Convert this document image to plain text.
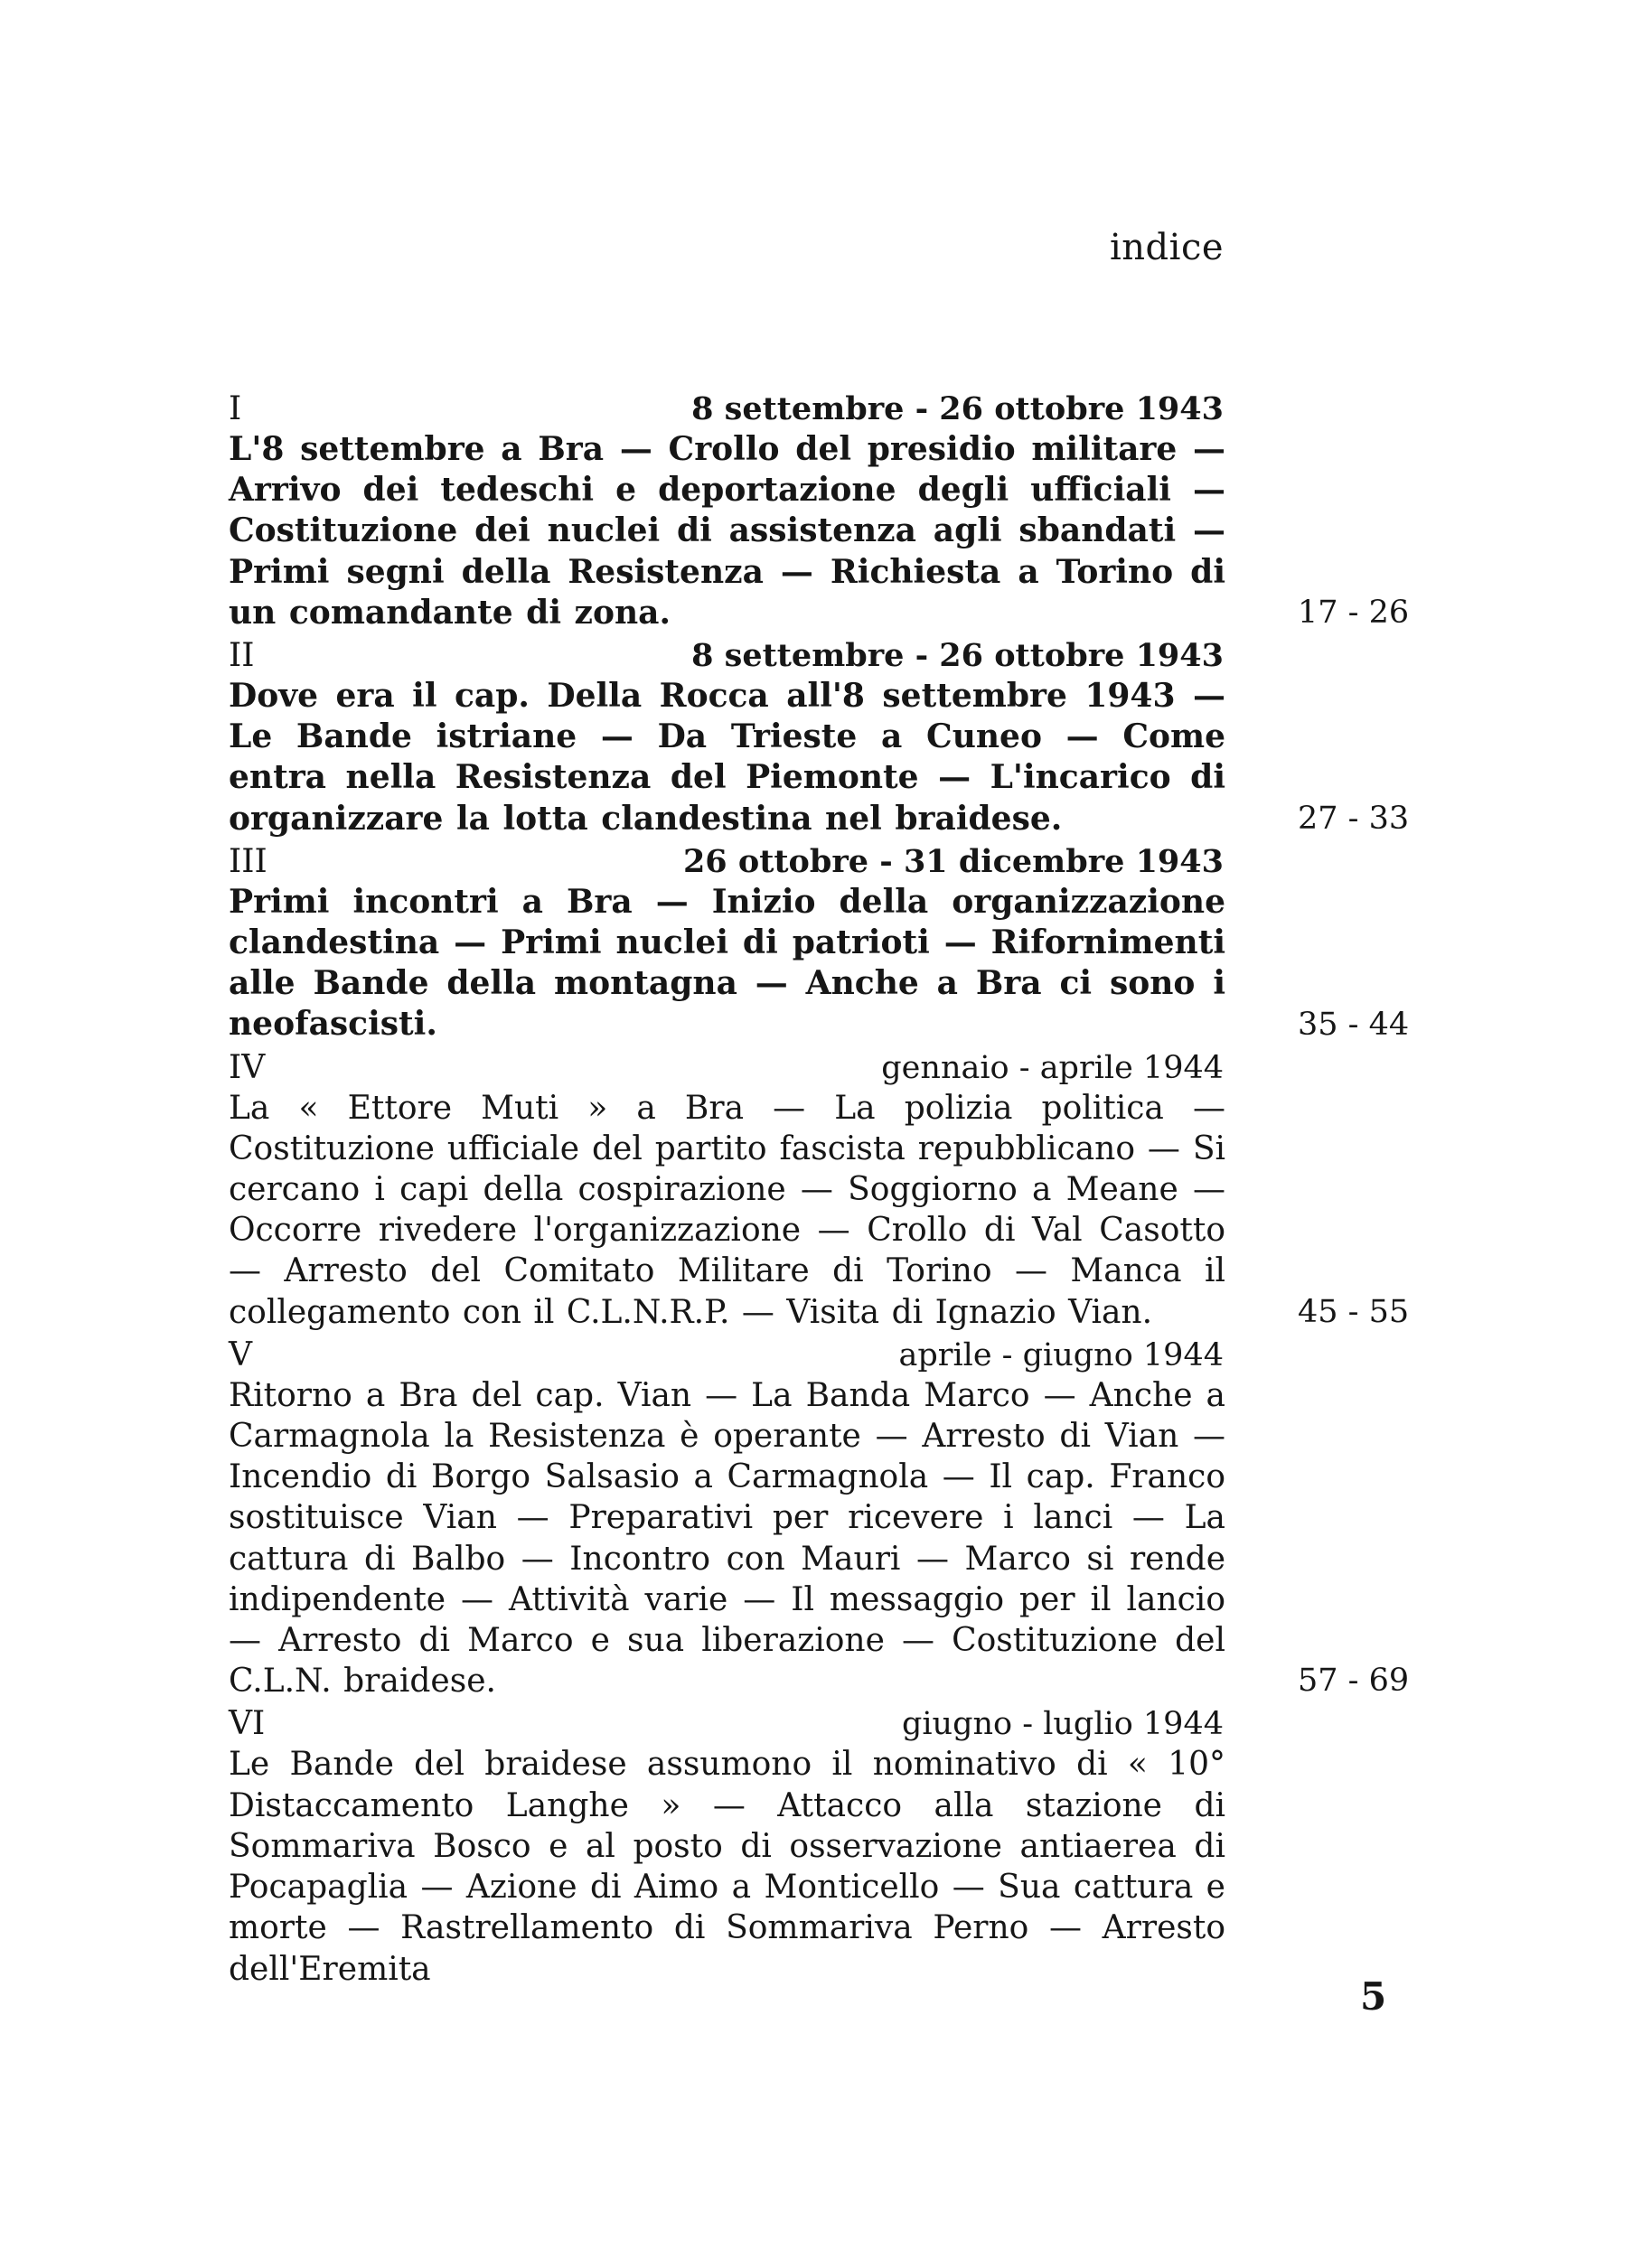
indice
I	8 settembre - 26 ottobre 1943
L'8 settembre a Bra — Crollo del presidio militare — Arrivo dei tedeschi e deportazione degli ufficiali — Costituzione dei nuclei di assistenza agli sbandati — Primi segni della Resistenza — Richiesta a Torino di un comandante di zona.	17 - 26
II	8 settembre - 26 ottobre 1943
Dove era il cap. Della Rocca all'8 settembre 1943 — Le Bande istriane — Da Trieste a Cuneo — Come entra nella Resistenza del Piemonte — L'incarico di organizzare la lotta clandestina nel braidese.	27 - 33
III	26 ottobre - 31 dicembre 1943
Primi incontri a Bra — Inizio della organizzazione clandestina — Primi nuclei di patrioti — Rifornimenti alle Bande della montagna — Anche a Bra ci sono i neofascisti.	35 - 44
IV	gennaio - aprile 1944
La « Ettore Muti » a Bra — La polizia politica — Costituzione ufficiale del partito fascista repubblicano — Si cercano i capi della cospirazione — Soggiorno a Meane — Occorre rivedere l'organizzazione — Crollo di Val Casotto — Arresto del Comitato Militare di Torino — Manca il collegamento con il C.L.N.R.P. — Visita di Ignazio Vian.	45 - 55
V	aprile - giugno 1944
Ritorno a Bra del cap. Vian — La Banda Marco — Anche a Carmagnola la Resistenza è operante — Arresto di Vian — Incendio di Borgo Salsasio a Carmagnola — Il cap. Franco sostituisce Vian — Preparativi per ricevere i lanci — La cattura di Balbo — Incontro con Mauri — Marco si rende indipendente — Attività varie — Il messaggio per il lancio — Arresto di Marco e sua liberazione — Costituzione del C.L.N. braidese.	57 - 69
VI	giugno - luglio 1944
Le Bande del braidese assumono il nominativo di « 10° Distaccamento Langhe » — Attacco alla stazione di Sommariva Bosco e al posto di osservazione antiaerea di Pocapaglia — Azione di Aimo a Monticello — Sua cattura e morte — Rastrellamento di Sommariva Perno — Arresto dell'Eremita
5
